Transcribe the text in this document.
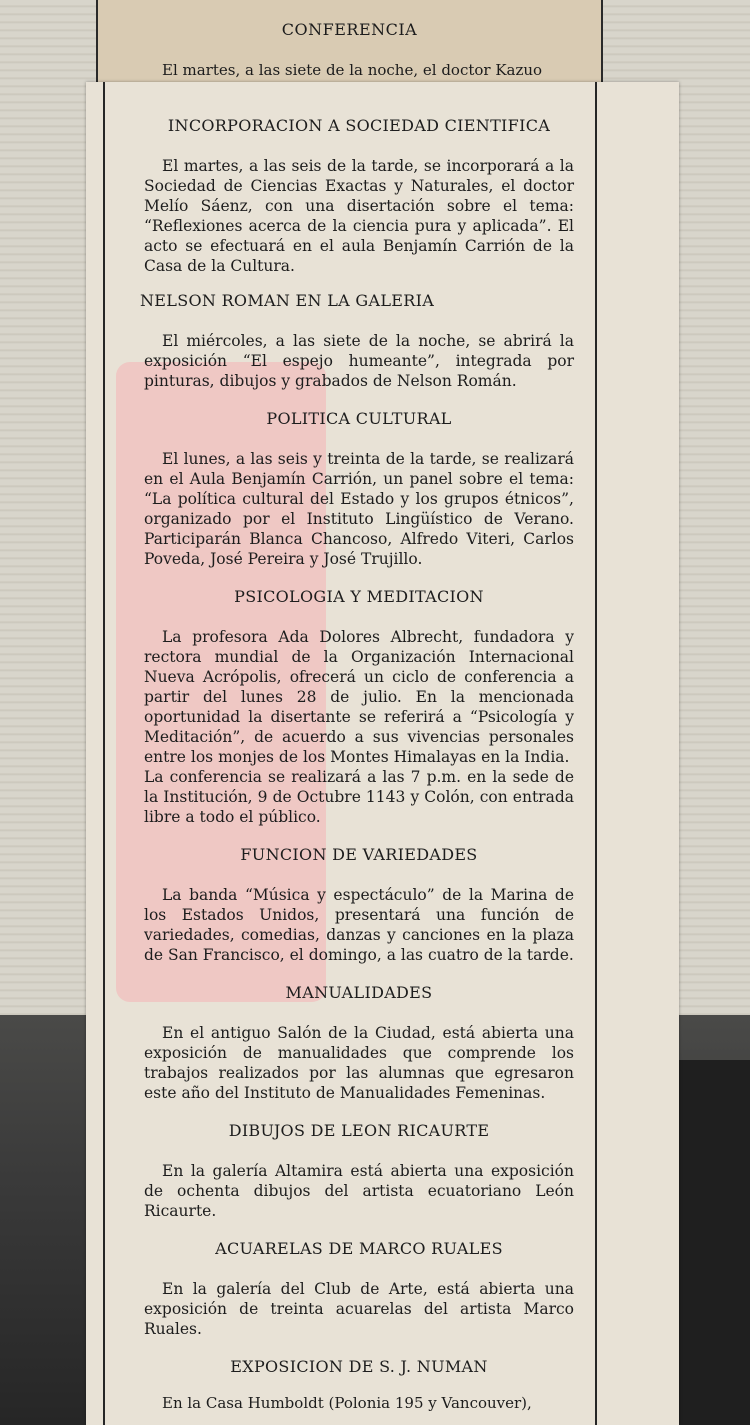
CONFERENCIA
El martes, a las siete de la noche, el doctor Kazuo
INCORPORACION A SOCIEDAD CIENTIFICA

El martes, a las seis de la tarde, se incorporará a la Sociedad de Ciencias Exactas y Naturales, el doctor Melío Sáenz, con una disertación sobre el tema: “Reflexiones acerca de la ciencia pura y aplicada”. El acto se efectuará en el aula Benjamín Carrión de la Casa de la Cultura.

NELSON ROMAN EN LA GALERIA

El miércoles, a las siete de la noche, se abrirá la exposición “El espejo humeante”, integrada por pinturas, dibujos y grabados de Nelson Román.

POLITICA CULTURAL

El lunes, a las seis y treinta de la tarde, se realizará en el Aula Benjamín Carrión, un panel sobre el tema: “La política cultural del Estado y los grupos étnicos”, organizado por el Instituto Lingüístico de Verano. Participarán Blanca Chancoso, Alfredo Viteri, Carlos Poveda, José Pereira y José Trujillo.

PSICOLOGIA Y MEDITACION

La profesora Ada Dolores Albrecht, fundadora y rectora mundial de la Organización Internacional Nueva Acrópolis, ofrecerá un ciclo de conferencia a partir del lunes 28 de julio. En la mencionada oportunidad la disertante se referirá a “Psicología y Meditación”, de acuerdo a sus vivencias personales entre los monjes de los Montes Himalayas en la India.

La conferencia se realizará a las 7 p.m. en la sede de la Institución, 9 de Octubre 1143 y Colón, con entrada libre a todo el público.

FUNCION DE VARIEDADES

La banda “Música y espectáculo” de la Marina de los Estados Unidos, presentará una función de variedades, comedias, danzas y canciones en la plaza de San Francisco, el domingo, a las cuatro de la tarde.

MANUALIDADES

En el antiguo Salón de la Ciudad, está abierta una exposición de manualidades que comprende los trabajos realizados por las alumnas que egresaron este año del Instituto de Manualidades Femeninas.

DIBUJOS DE LEON RICAURTE

En la galería Altamira está abierta una exposición de ochenta dibujos del artista ecuatoriano León Ricaurte.

ACUARELAS DE MARCO RUALES

En la galería del Club de Arte, está abierta una exposición de treinta acuarelas del artista Marco Ruales.

EXPOSICION DE S. J. NUMAN
En la Casa Humboldt (Polonia 195 y Vancouver),
